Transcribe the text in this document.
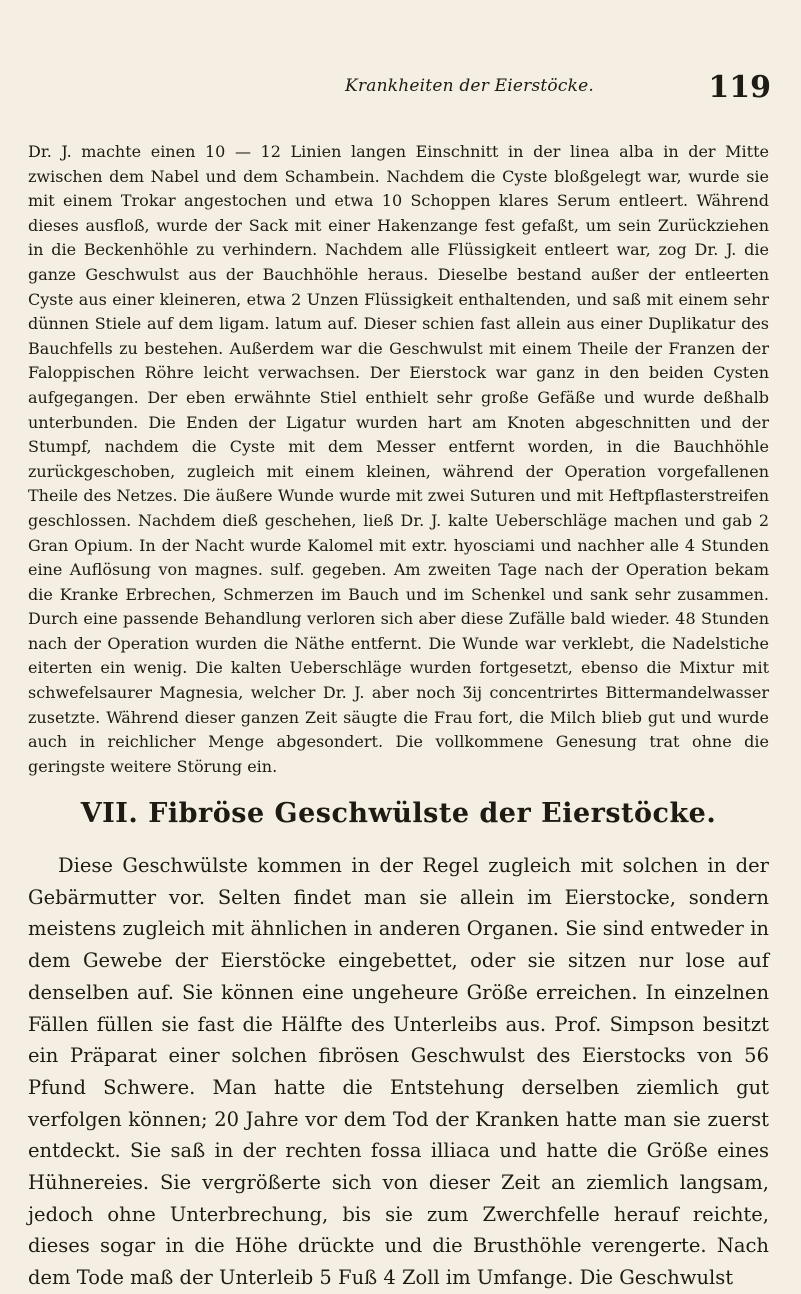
Krankheiten der Eierstöcke.	119

Dr. J. machte einen 10 — 12 Linien langen Einschnitt in der linea alba in der Mitte zwischen dem Nabel und dem Schambein. Nachdem die Cyste bloßgelegt war, wurde sie mit einem Trokar angestochen und etwa 10 Schoppen klares Serum entleert. Während dieses ausfloß, wurde der Sack mit einer Hakenzange fest gefaßt, um sein Zurückziehen in die Beckenhöhle zu verhindern. Nachdem alle Flüssigkeit entleert war, zog Dr. J. die ganze Geschwulst aus der Bauchhöhle heraus. Dieselbe bestand außer der entleerten Cyste aus einer kleineren, etwa 2 Unzen Flüssigkeit enthaltenden, und saß mit einem sehr dünnen Stiele auf dem ligam. latum auf. Dieser schien fast allein aus einer Duplikatur des Bauchfells zu bestehen. Außerdem war die Geschwulst mit einem Theile der Franzen der Faloppischen Röhre leicht verwachsen. Der Eierstock war ganz in den beiden Cysten aufgegangen. Der eben erwähnte Stiel enthielt sehr große Gefäße und wurde deßhalb unterbunden. Die Enden der Ligatur wurden hart am Knoten abgeschnitten und der Stumpf, nachdem die Cyste mit dem Messer entfernt worden, in die Bauchhöhle zurückgeschoben, zugleich mit einem kleinen, während der Operation vorgefallenen Theile des Netzes. Die äußere Wunde wurde mit zwei Suturen und mit Heftpflasterstreifen geschlossen. Nachdem dieß geschehen, ließ Dr. J. kalte Ueberschläge machen und gab 2 Gran Opium. In der Nacht wurde Kalomel mit extr. hyosciami und nachher alle 4 Stunden eine Auflösung von magnes. sulf. gegeben. Am zweiten Tage nach der Operation bekam die Kranke Erbrechen, Schmerzen im Bauch und im Schenkel und sank sehr zusammen. Durch eine passende Behandlung verloren sich aber diese Zufälle bald wieder. 48 Stunden nach der Operation wurden die Näthe entfernt. Die Wunde war verklebt, die Nadelstiche eiterten ein wenig. Die kalten Ueberschläge wurden fortgesetzt, ebenso die Mixtur mit schwefelsaurer Magnesia, welcher Dr. J. aber noch Ʒij concentrirtes Bittermandelwasser zusetzte. Während dieser ganzen Zeit säugte die Frau fort, die Milch blieb gut und wurde auch in reichlicher Menge abgesondert. Die vollkommene Genesung trat ohne die geringste weitere Störung ein.

VII. Fibröse Geschwülste der Eierstöcke.

Diese Geschwülste kommen in der Regel zugleich mit solchen in der Gebärmutter vor. Selten findet man sie allein im Eierstocke, sondern meistens zugleich mit ähnlichen in anderen Organen. Sie sind entweder in dem Gewebe der Eierstöcke eingebettet, oder sie sitzen nur lose auf denselben auf. Sie können eine ungeheure Größe erreichen. In einzelnen Fällen füllen sie fast die Hälfte des Unterleibs aus. Prof. Simpson besitzt ein Präparat einer solchen fibrösen Geschwulst des Eierstocks von 56 Pfund Schwere. Man hatte die Entstehung derselben ziemlich gut verfolgen können; 20 Jahre vor dem Tod der Kranken hatte man sie zuerst entdeckt. Sie saß in der rechten fossa illiaca und hatte die Größe eines Hühnereies. Sie vergrößerte sich von dieser Zeit an ziemlich langsam, jedoch ohne Unterbrechung, bis sie zum Zwerchfelle herauf reichte, dieses sogar in die Höhe drückte und die Brusthöhle verengerte. Nach dem Tode maß der Unterleib 5 Fuß 4 Zoll im Umfange. Die Geschwulst
